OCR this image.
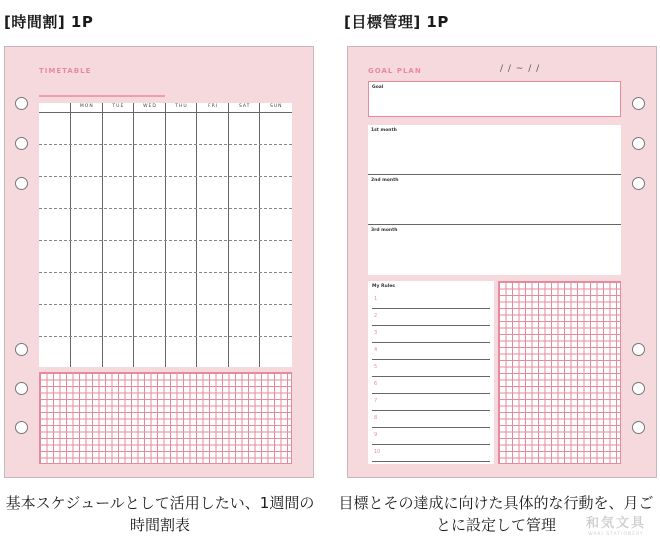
[時間割] 1P	[目標管理] 1P
TIMETABLE
MON	TUE	WED	THU	FRI	SAT	SUN
GOAL PLAN	/ / ~ / /
Goal
1st month
2nd month
3rd month
My Rules
1
2
3
4
5
6
7
8
9
10
基本スケジュールとして活用したい、1週間の時間割表
目標とその達成に向けた具体的な行動を、月ごとに設定して管理	和気文具
WAKI STATIONERY
